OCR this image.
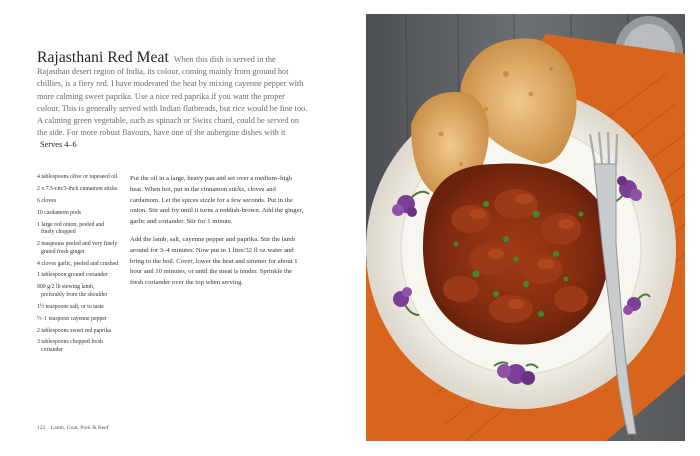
Rajasthani Red Meat When this dish is served in the Rajasthan desert region of India, its colour, coming mainly from ground hot chillies, is a fiery red. I have moderated the heat by mixing cayenne pepper with more calming sweet paprika. Use a nice red paprika if you want the proper colour. This is generally served with Indian flatbreads, but rice would be fine too. A calming green vegetable, such as spinach or Swiss chard, could be served on the side. For more robust flavours, have one of the aubergine dishes with it Serves 4–6
4 tablespoons olive or rapeseed oil
2 x 7.5-cm/3-inch cinnamon sticks
6 cloves
10 cardamom pods
1 large red onion, peeled and finely chopped
2 teaspoons peeled and very finely grated fresh ginger
4 cloves garlic, peeled and crushed
1 tablespoon ground coriander
900 g/2 lb stewing lamb, preferably from the shoulder
1½ teaspoons salt, or to taste
½–1 teaspoon cayenne pepper
2 tablespoons sweet red paprika
3 tablespoons chopped fresh coriander

Put the oil in a large, heavy pan and set over a medium–high heat. When hot, put in the cinnamon sticks, cloves and cardamom. Let the spices sizzle for a few seconds. Put in the onion. Stir and fry until it turns a reddish-brown. Add the ginger, garlic and coriander. Stir for 1 minute.

Add the lamb, salt, cayenne pepper and paprika. Stir the lamb around for 3–4 minutes. Now put in 1 litre/32 fl oz water and bring to the boil. Cover, lower the heat and simmer for about 1 hour and 10 minutes, or until the meat is tender. Sprinkle the fresh coriander over the top when serving.

122 Lamb, Goat, Pork & Beef
